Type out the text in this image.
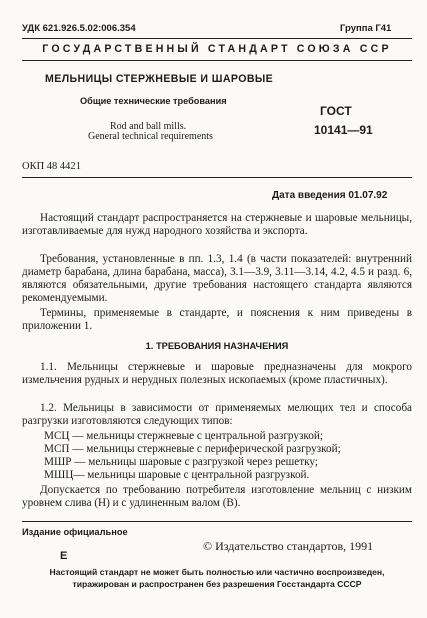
УДК 621.926.5.02:006.354	Группа Г41
ГОСУДАРСТВЕННЫЙ СТАНДАРТ СОЮЗА ССР
МЕЛЬНИЦЫ СТЕРЖНЕВЫЕ И ШАРОВЫЕ
Общие технические требования
Rod and ball mills.
General technical requirements
ГОСТ
10141—91
ОКП 48 4421
Дата введения 01.07.92
Настоящий стандарт распространяется на стержневые и шаровые мельницы, изготавливаемые для нужд народного хозяйства и экспорта.
Требования, установленные в пп. 1.3, 1.4 (в части показателей: внутренний диаметр барабана, длина барабана, масса), 3.1—3.9, 3.11—3.14, 4.2, 4.5 и разд. 6, являются обязательными, другие требования настоящего стандарта являются рекомендуемыми.
Термины, применяемые в стандарте, и пояснения к ним приведены в приложении 1.
1. ТРЕБОВАНИЯ НАЗНАЧЕНИЯ
1.1. Мельницы стержневые и шаровые предназначены для мокрого измельчения рудных и нерудных полезных ископаемых (кроме пластичных).
1.2. Мельницы в зависимости от применяемых мелющих тел и способа разгрузки изготовляются следующих типов:
МСЦ — мельницы стержневые с центральной разгрузкой;
МСП — мельницы стержневые с периферической разгрузкой;
МШР — мельницы шаровые с разгрузкой через решетку;
МШЦ— мельницы шаровые с центральной разгрузкой.
Допускается по требованию потребителя изготовление мельниц с низким уровнем слива (Н) и с удлиненным валом (В).
Издание официальное
© Издательство стандартов, 1991
Е
Настоящий стандарт не может быть полностью или частично воспроизведен,
тиражирован и распространен без разрешения Госстандарта СССР
